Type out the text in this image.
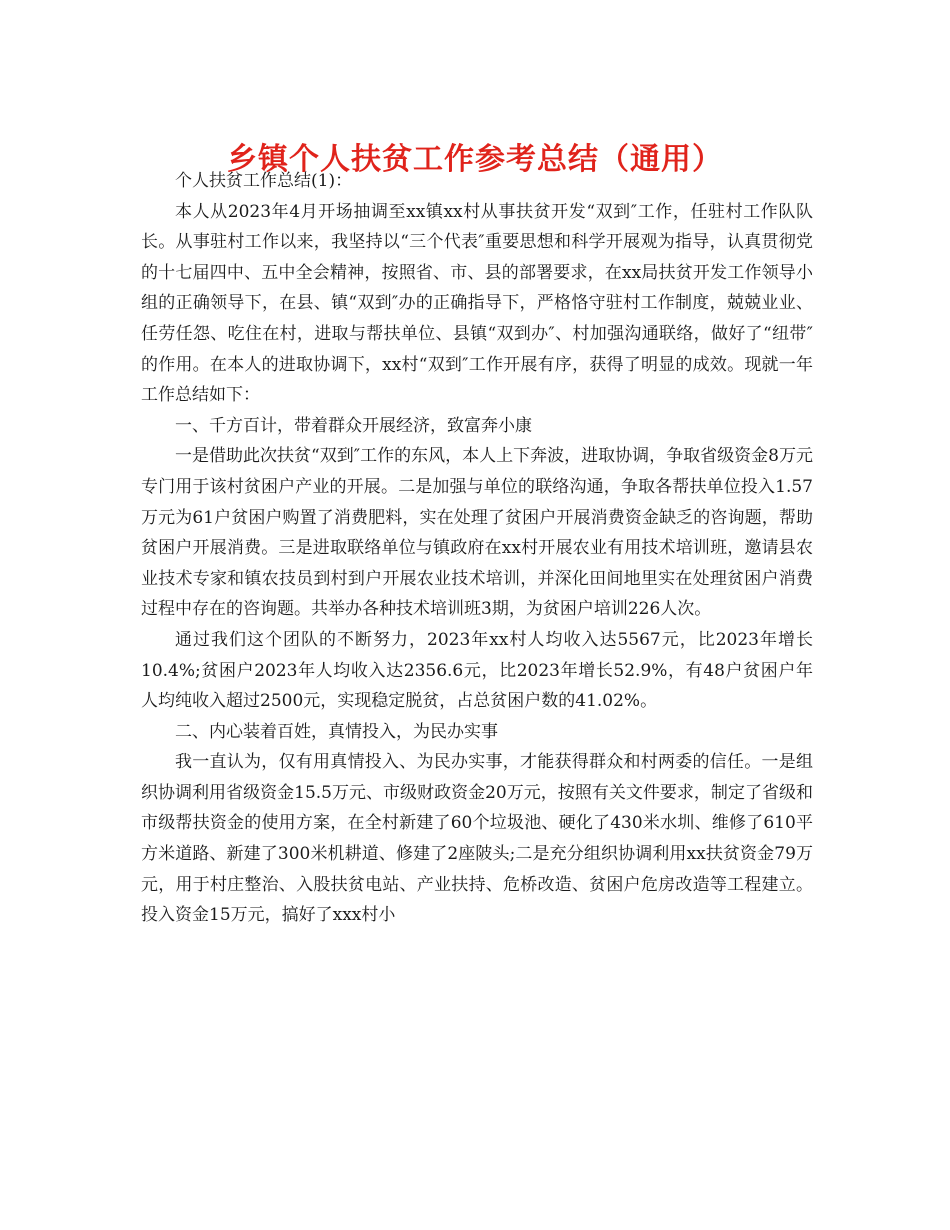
乡镇个人扶贫工作参考总结（通用）

个人扶贫工作总结(1)：

本人从2023年4月开场抽调至xx镇xx村从事扶贫开发“双到″工作，任驻村工作队队长。从事驻村工作以来，我坚持以“三个代表″重要思想和科学开展观为指导，认真贯彻党的十七届四中、五中全会精神，按照省、市、县的部署要求，在xx局扶贫开发工作领导小组的正确领导下，在县、镇“双到″办的正确指导下，严格恪守驻村工作制度，兢兢业业、任劳任怨、吃住在村，进取与帮扶单位、县镇“双到办″、村加强沟通联络，做好了“纽带″的作用。在本人的进取协调下，xx村“双到″工作开展有序，获得了明显的成效。现就一年工作总结如下：

一、千方百计，带着群众开展经济，致富奔小康

一是借助此次扶贫“双到″工作的东风，本人上下奔波，进取协调，争取省级资金8万元专门用于该村贫困户产业的开展。二是加强与单位的联络沟通，争取各帮扶单位投入1.57万元为61户贫困户购置了消费肥料，实在处理了贫困户开展消费资金缺乏的咨询题，帮助贫困户开展消费。三是进取联络单位与镇政府在xx村开展农业有用技术培训班，邀请县农业技术专家和镇农技员到村到户开展农业技术培训，并深化田间地里实在处理贫困户消费过程中存在的咨询题。共举办各种技术培训班3期，为贫困户培训226人次。

通过我们这个团队的不断努力，2023年xx村人均收入达5567元，比2023年增长10.4%;贫困户2023年人均收入达2356.6元，比2023年增长52.9%，有48户贫困户年人均纯收入超过2500元，实现稳定脱贫，占总贫困户数的41.02%。

二、内心装着百姓，真情投入，为民办实事

我一直认为，仅有用真情投入、为民办实事，才能获得群众和村两委的信任。一是组织协调利用省级资金15.5万元、市级财政资金20万元，按照有关文件要求，制定了省级和市级帮扶资金的使用方案，在全村新建了60个垃圾池、硬化了430米水圳、维修了610平方米道路、新建了300米机耕道、修建了2座陂头;二是充分组织协调利用xx扶贫资金79万元，用于村庄整治、入股扶贫电站、产业扶持、危桥改造、贫困户危房改造等工程建立。投入资金15万元，搞好了xxx村小
